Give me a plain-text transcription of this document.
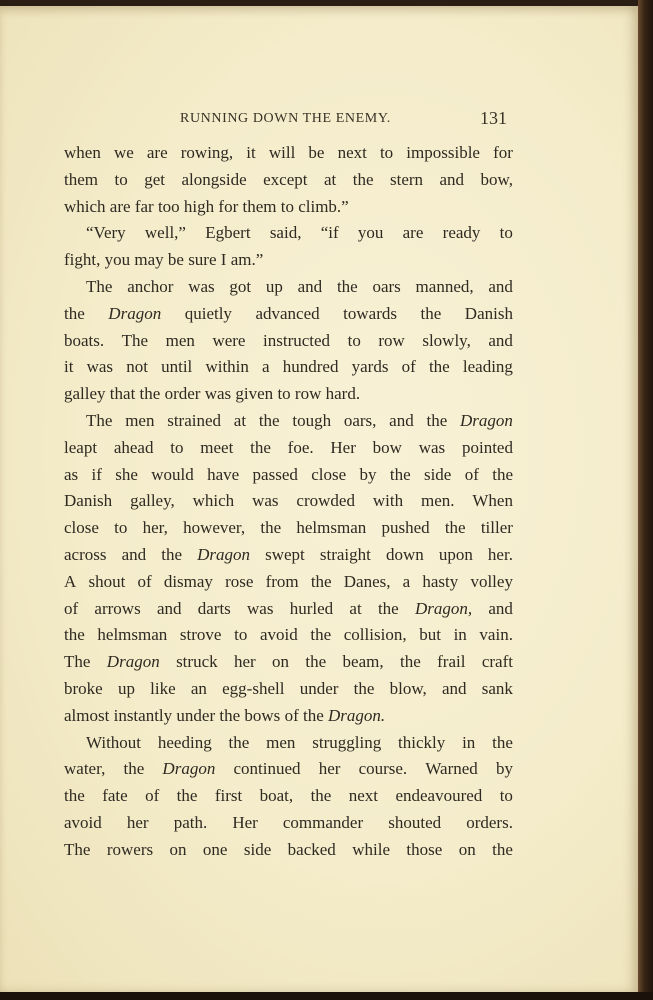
RUNNING DOWN THE ENEMY.	131
when we are rowing, it will be next to impossible for
them to get alongside except at the stern and bow,
which
are
far
too
high
for
them
to
climb.”
“Very well,” Egbert said, “if you are ready to
fight,
you
may
be
sure
I
am.”
The anchor was got up and the oars manned, and
the Dragon quietly advanced towards the Danish
boats. The men were instructed to row slowly, and
it was not until within a hundred yards of the leading
galley
that
the
order
was
given
to
row
hard.
The men strained at the tough oars, and the Dragon
leapt ahead to meet the foe. Her bow was pointed
as if she would have passed close by the side of the
Danish galley, which was crowded with men. When
close to her, however, the helmsman pushed the tiller
across and the Dragon swept straight down upon her.
A shout of dismay rose from the Danes, a hasty volley
of arrows and darts was hurled at the Dragon, and
the helmsman strove to avoid the collision, but in vain.
The Dragon struck her on the beam, the frail craft
broke up like an egg-shell under the blow, and sank
almost
instantly
under
the
bows
of
the
Dragon.
Without heeding the men struggling thickly in the
water, the Dragon continued her course. Warned by
the fate of the first boat, the next endeavoured to
avoid her path. Her commander shouted orders.
The rowers on one side backed while those on the
